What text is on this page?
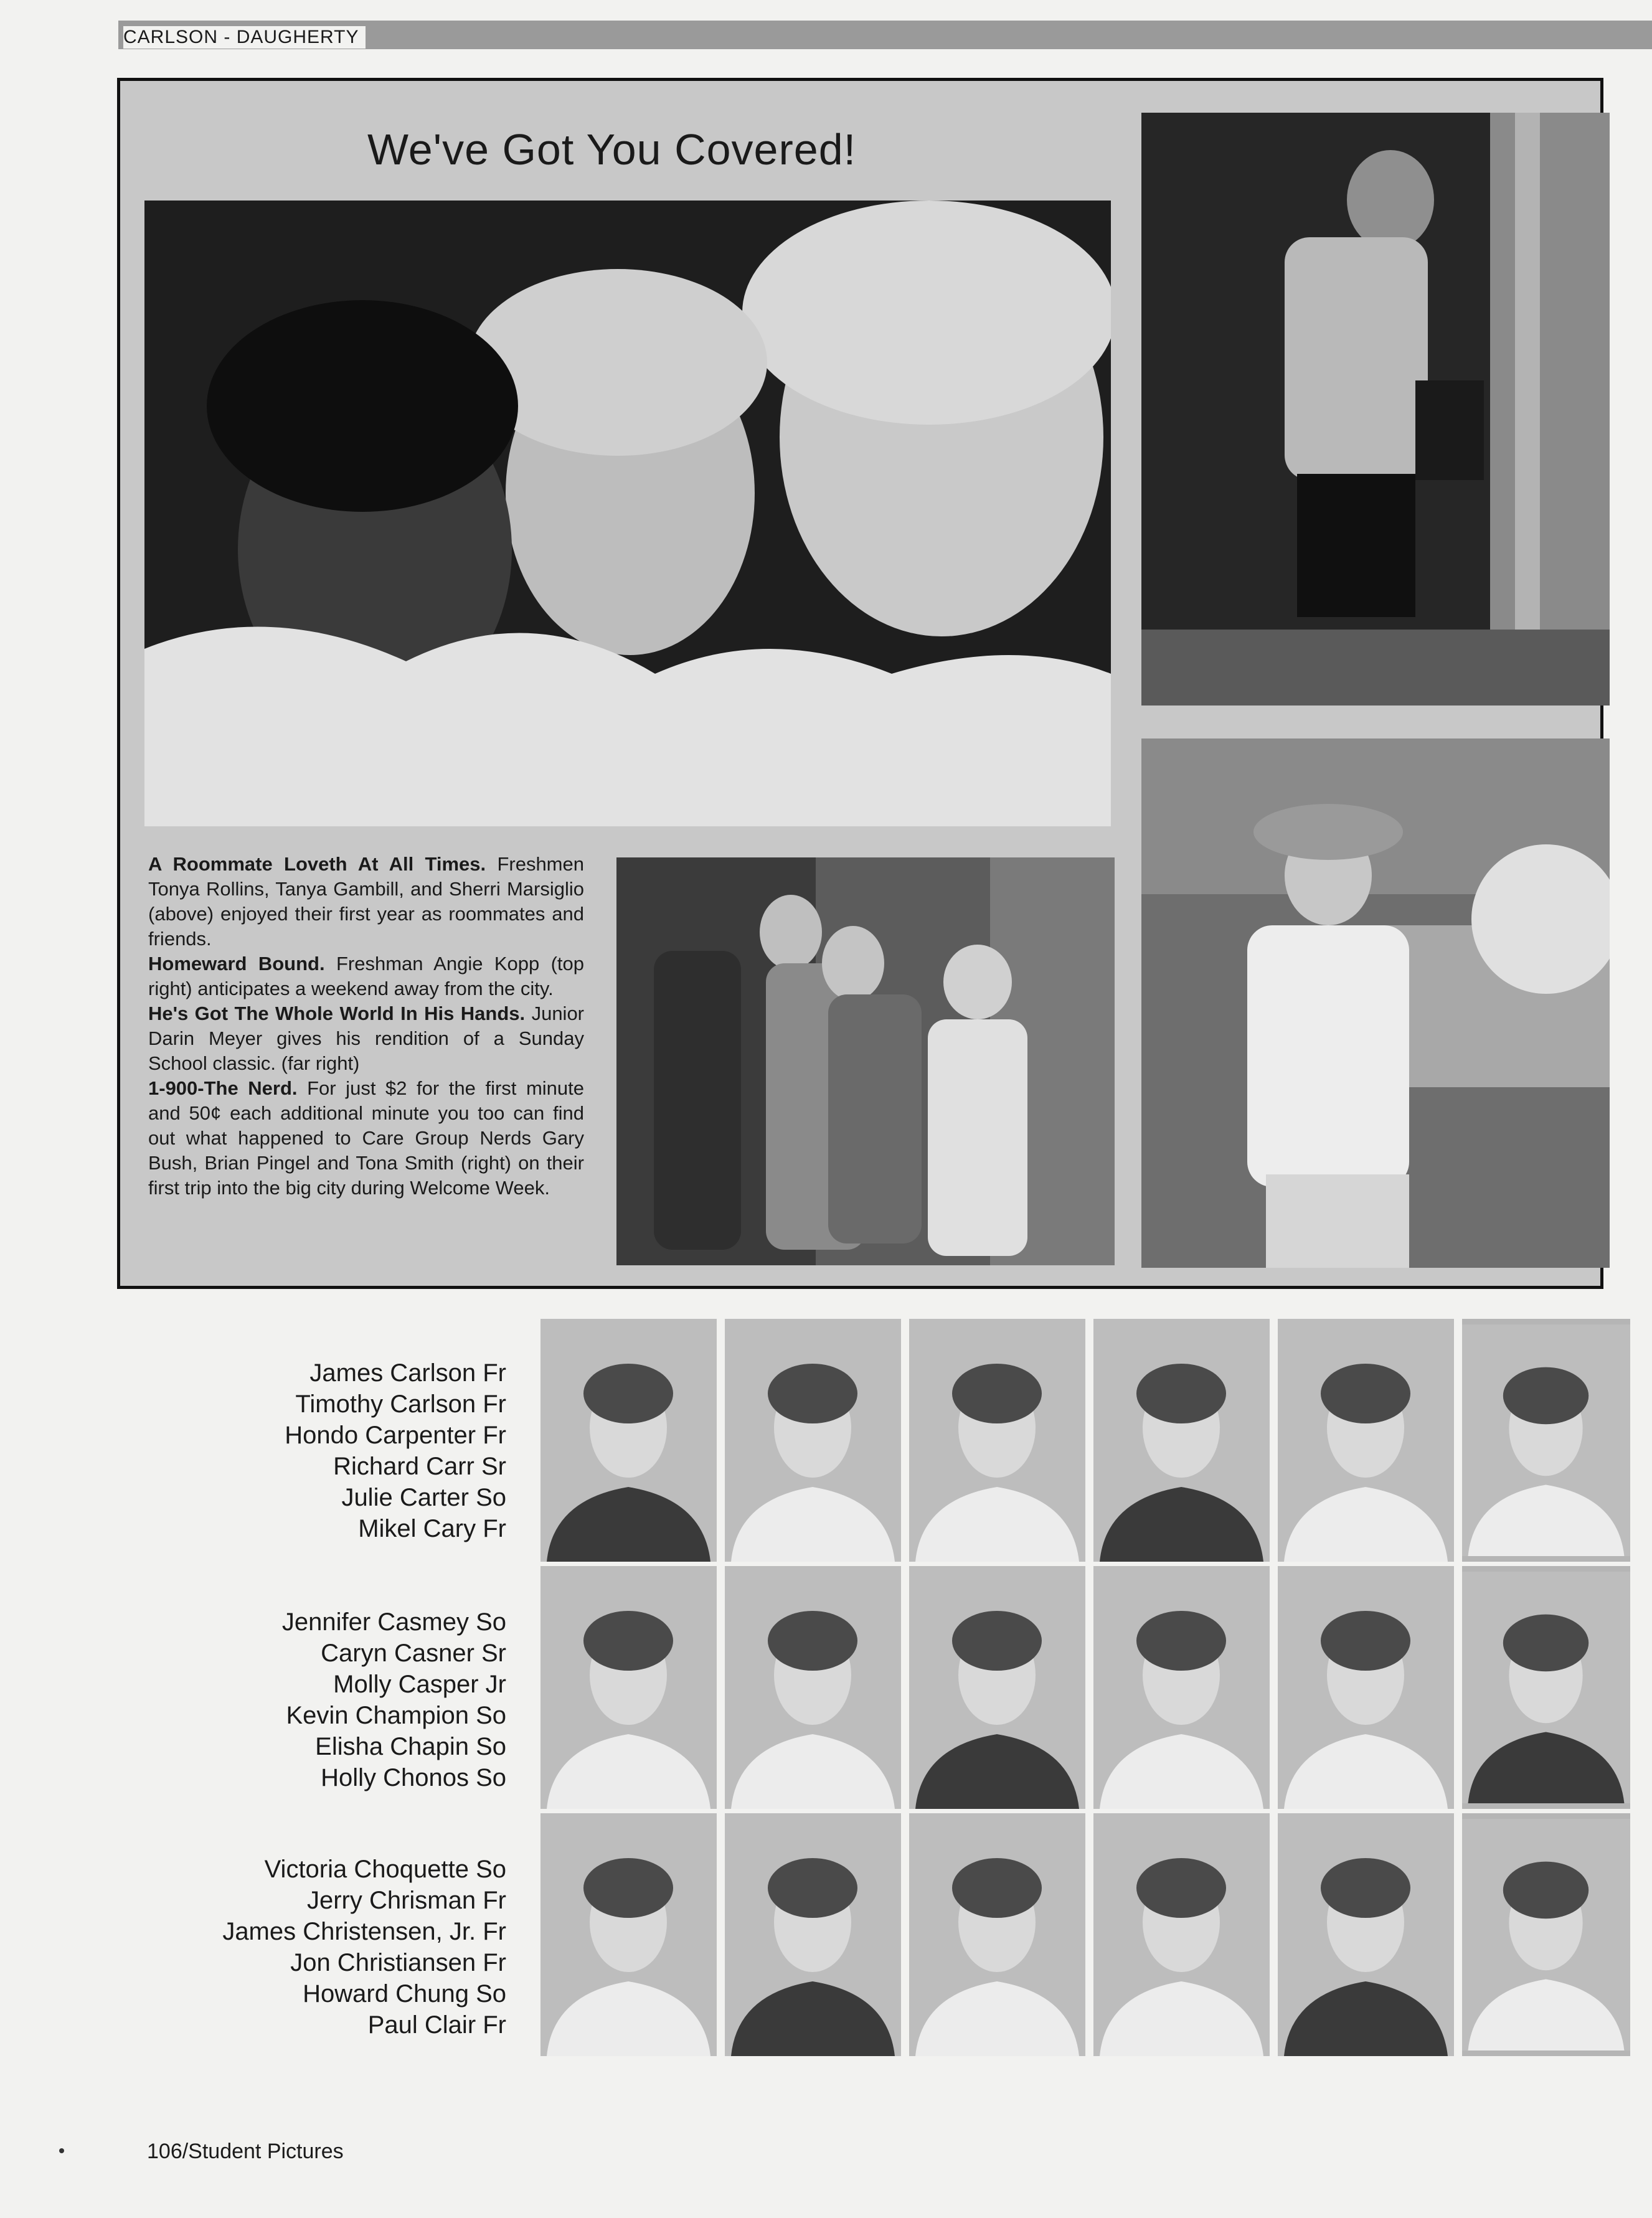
CARLSON - DAUGHERTY
We've Got You Covered!

A Roommate Loveth At All Times. Freshmen Tonya Rollins, Tanya Gambill, and Sherri Marsiglio (above) enjoyed their first year as roommates and friends.

Homeward Bound. Freshman Angie Kopp (top right) anticipates a weekend away from the city.

He's Got The Whole World In His Hands. Junior Darin Meyer gives his rendition of a Sunday School classic. (far right)

1-900-The Nerd. For just $2 for the first minute and 50¢ each additional minute you too can find out what happened to Care Group Nerds Gary Bush, Brian Pingel and Tona Smith (right) on their first trip into the big city during Welcome Week.

James Carlson Fr
Timothy Carlson Fr
Hondo Carpenter Fr
Richard Carr Sr
Julie Carter So
Mikel Cary Fr
Jennifer Casmey So
Caryn Casner Sr
Molly Casper Jr
Kevin Champion So
Elisha Chapin So
Holly Chonos So
Victoria Choquette So
Jerry Chrisman Fr
James Christensen, Jr. Fr
Jon Christiansen Fr
Howard Chung So
Paul Clair Fr
106/Student Pictures
